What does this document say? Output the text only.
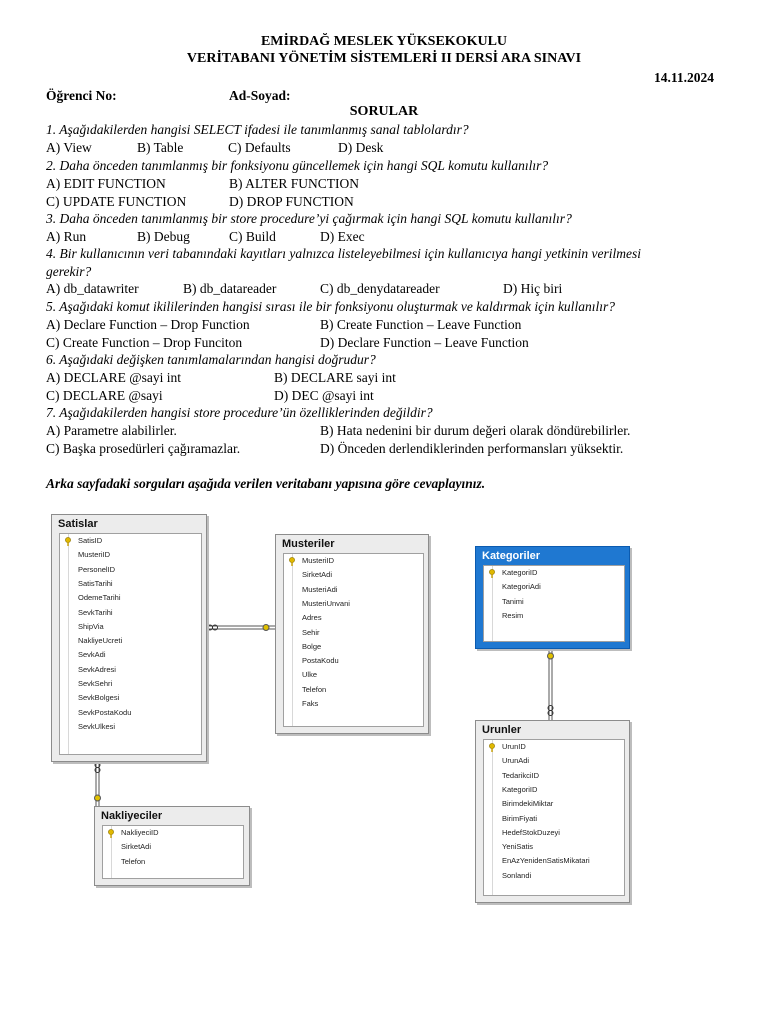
EMİRDAĞ MESLEK YÜKSEKOKULU
VERİTABANI YÖNETİM SİSTEMLERİ II DERSİ ARA SINAVI
14.11.2024
Öğrenci No:	Ad-Soyad:
SORULAR
1. Aşağıdakilerden hangisi SELECT ifadesi ile tanımlanmış sanal tablolardır?
A) View	B) Table	C) Defaults	D) Desk
2. Daha önceden tanımlanmış bir fonksiyonu güncellemek için hangi SQL komutu kullanılır?
A) EDIT FUNCTION	B) ALTER FUNCTION
C) UPDATE FUNCTION	D) DROP FUNCTION
3. Daha önceden tanımlanmış bir store procedure’yi çağırmak için hangi SQL komutu kullanılır?
A) Run	B) Debug	C) Build	D) Exec
4. Bir kullanıcının veri tabanındaki kayıtları yalnızca listeleyebilmesi için kullanıcıya hangi yetkinin verilmesi
gerekir?
A) db_datawriter	B) db_datareader	C) db_denydatareader	D) Hiç biri
5. Aşağıdaki komut ikililerinden hangisi sırası ile bir fonksiyonu oluşturmak ve kaldırmak için kullanılır?
A) Declare Function – Drop Function	B) Create Function – Leave Function
C) Create Function – Drop Funciton	D) Declare Function – Leave Function
6. Aşağıdaki değişken tanımlamalarından hangisi doğrudur?
A) DECLARE @sayi int	B) DECLARE sayi int
C) DECLARE @sayi	D) DEC @sayi int
7. Aşağıdakilerden hangisi store procedure’ün özelliklerinden değildir?
A) Parametre alabilirler.	B) Hata nedenini bir durum değeri olarak döndürebilirler.
C) Başka prosedürleri çağıramazlar.	D) Önceden derlendiklerinden performansları yüksektir.
Arka sayfadaki sorguları aşağıda verilen veritabanı yapısına göre cevaplayınız.
Satislar
SatisID
MusteriID
PersonelID
SatisTarihi
OdemeTarihi
SevkTarihi
ShipVia
NakliyeUcreti
SevkAdi
SevkAdresi
SevkSehri
SevkBolgesi
SevkPostaKodu
SevkUlkesi
Musteriler
MusteriID
SirketAdi
MusteriAdi
MusteriUnvani
Adres
Sehir
Bolge
PostaKodu
Ulke
Telefon
Faks
Kategoriler
KategoriID
KategoriAdi
Tanimi
Resim
Nakliyeciler
NakliyeciID
SirketAdi
Telefon
Urunler
UrunID
UrunAdi
TedarikciID
KategoriID
BirimdekiMiktar
BirimFiyati
HedefStokDuzeyi
YeniSatis
EnAzYenidenSatisMikatari
Sonlandi
